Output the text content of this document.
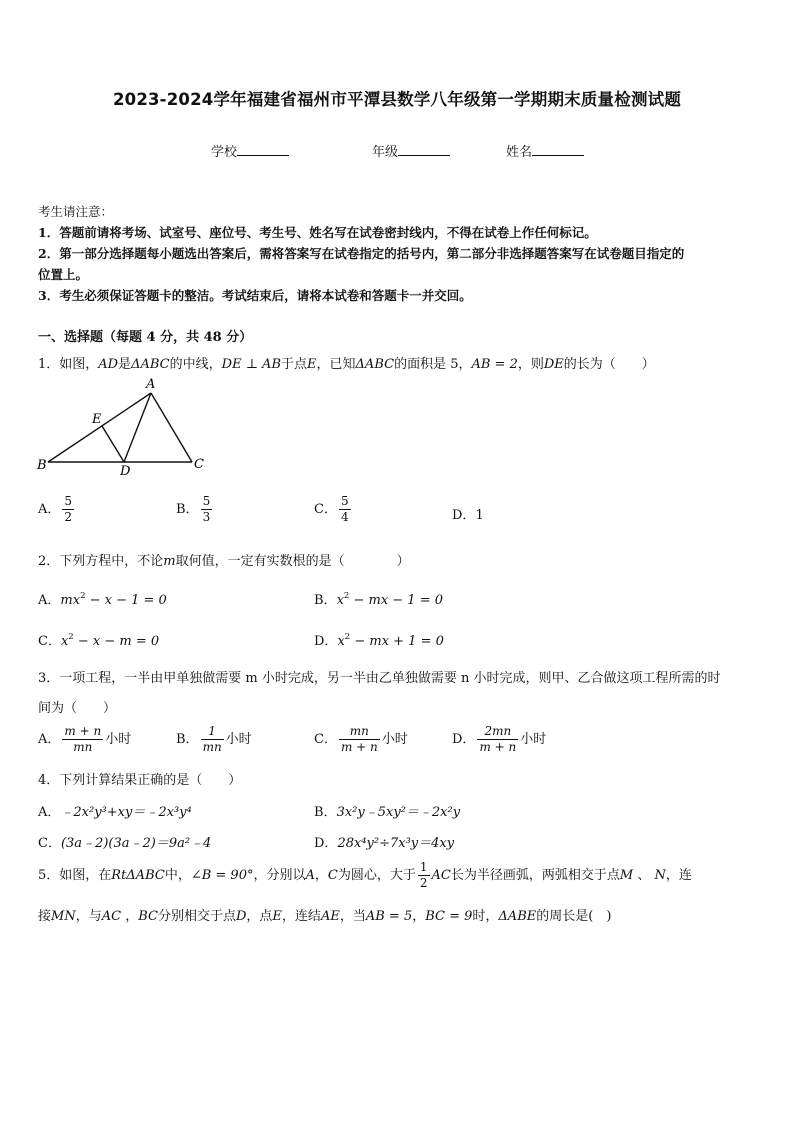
2023-2024学年福建省福州市平潭县数学八年级第一学期期末质量检测试题
学校	年级	姓名
考生请注意：
1．答题前请将考场、试室号、座位号、考生号、姓名写在试卷密封线内，不得在试卷上作任何标记。
2．第一部分选择题每小题选出答案后，需将答案写在试卷指定的括号内，第二部分非选择题答案写在试卷题目指定的
位置上。
3．考生必须保证答题卡的整洁。考试结束后，请将本试卷和答题卡一并交回。
一、选择题（每题 4 分，共 48 分）
1．如图，AD是ΔABC的中线，DE ⊥ AB于点E，已知ΔABC的面积是 5，AB = 2，则DE的长为（　　）
A
B	C
D
E
A． $\frac{5}{2}$	B． $\frac{5}{3}$	C． $\frac{5}{4}$	D．1
2．下列方程中，不论m取何值，一定有实数根的是（　　　　）
A．$mx^2 - x - 1 = 0$	B．$x^2$ − mx − 1 = 0
C．$x^2 - x - m = 0$	D．$x^2$ − mx + 1 = 0
3．一项工程，一半由甲单独做需要 m 小时完成，另一半由乙单独做需要 n 小时完成，则甲、乙合做这项工程所需的时
间为（　　）
A． $\frac{m + n}{mn}$ 小时	B． $\frac{1}{mn}$ 小时	C． $\frac{mn}{m + n}$ 小时	D． $\frac{2mn}{m + n}$ 小时
4．下列计算结果正确的是（　　）
A．﹣2x²y³+xy＝﹣2x³y⁴	B．3x²y﹣5xy²＝﹣2x²y
C．(3a﹣2)(3a﹣2)＝9a²﹣4	D．28x⁴y²÷7x³y＝4xy
5．如图，在RtΔABC中，∠B = 90°，分别以A，C为圆心，大于 $\frac{1}{2}$ AC长为半径画弧，两弧相交于点M 、 N，连
接MN，与AC ，BC分别相交于点D，点E，连结AE，当AB = 5，BC = 9时，ΔABE的周长是(　)
